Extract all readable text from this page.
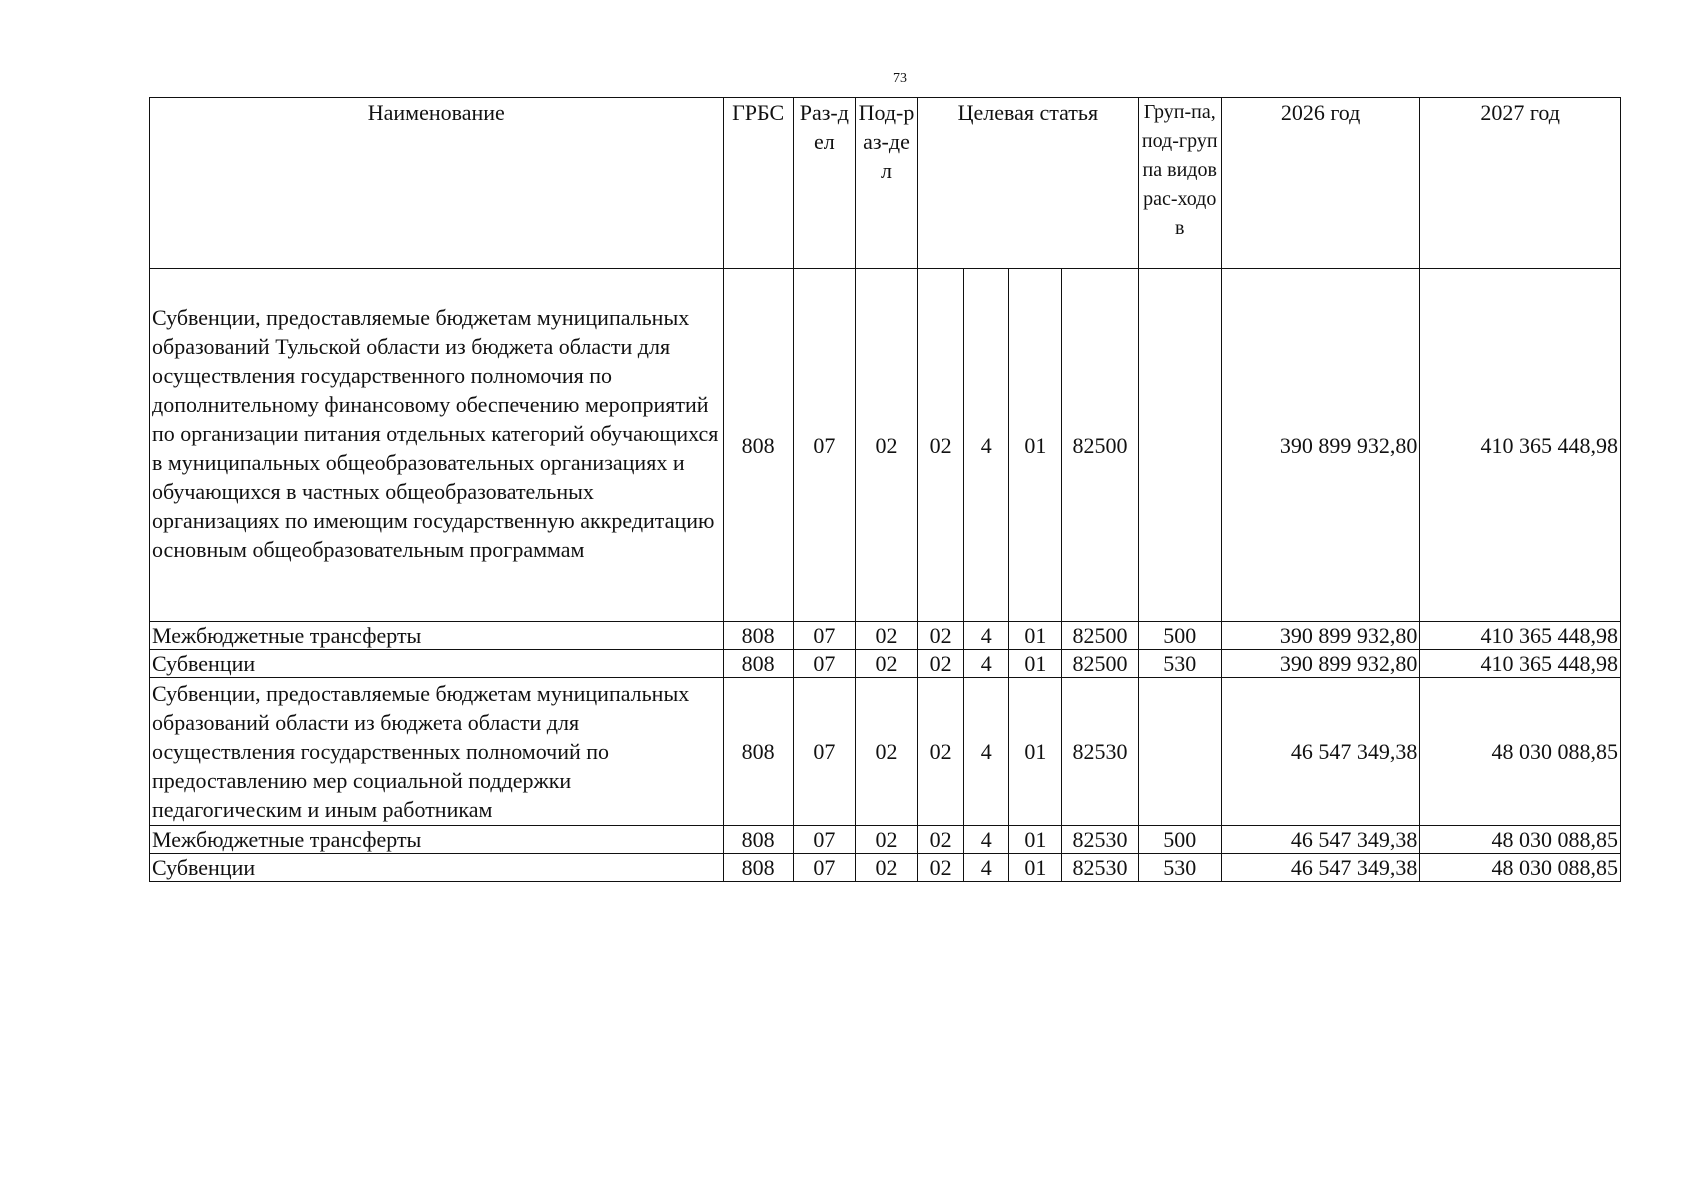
73
Наименование	ГРБС	Раз-дел	Под-раз-дел	Целевая статья				Груп-па, под-группа видов рас-ходов	2026 год	2027 год
Субвенции, предоставляемые бюджетам муниципальных образований Тульской области из бюджета области для осуществления государственного полномочия по дополнительному финансовому обеспечению мероприятий по организации питания отдельных категорий обучающихся в муниципальных общеобразовательных организациях и обучающихся в частных общеобразовательных организациях по имеющим государственную аккредитацию основным общеобразовательным программам	808	07	02	02	4	01	82500		390 899 932,80	410 365 448,98
Межбюджетные трансферты	808	07	02	02	4	01	82500	500	390 899 932,80	410 365 448,98
Субвенции	808	07	02	02	4	01	82500	530	390 899 932,80	410 365 448,98
Субвенции, предоставляемые бюджетам муниципальных образований области из бюджета области для осуществления государственных полномочий по предоставлению мер социальной поддержки педагогическим и иным работникам	808	07	02	02	4	01	82530		46 547 349,38	48 030 088,85
Межбюджетные трансферты	808	07	02	02	4	01	82530	500	46 547 349,38	48 030 088,85
Субвенции	808	07	02	02	4	01	82530	530	46 547 349,38	48 030 088,85
